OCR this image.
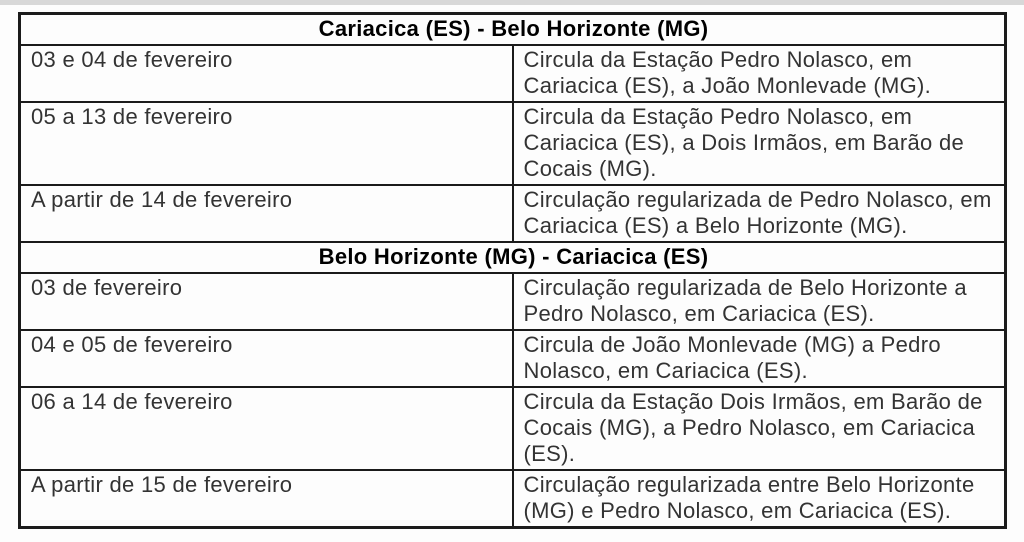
Cariacica (ES) - Belo Horizonte (MG)	
03 e 04 de fevereiro	Circula da Estação Pedro Nolasco, em Cariacica (ES), a João Monlevade (MG).
05 a 13 de fevereiro	Circula da Estação Pedro Nolasco, em Cariacica (ES), a Dois Irmãos, em Barão de Cocais (MG).
A partir de 14 de fevereiro	Circulação regularizada de Pedro Nolasco, em Cariacica (ES) a Belo Horizonte (MG).
Belo Horizonte (MG) - Cariacica (ES)	
03 de fevereiro	Circulação regularizada de Belo Horizonte a Pedro Nolasco, em Cariacica (ES).
04 e 05 de fevereiro	Circula de João Monlevade (MG) a Pedro Nolasco, em Cariacica (ES).
06 a 14 de fevereiro	Circula da Estação Dois Irmãos, em Barão de Cocais (MG), a Pedro Nolasco, em Cariacica (ES).
A partir de 15 de fevereiro	Circulação regularizada entre Belo Horizonte (MG) e Pedro Nolasco, em Cariacica (ES).
